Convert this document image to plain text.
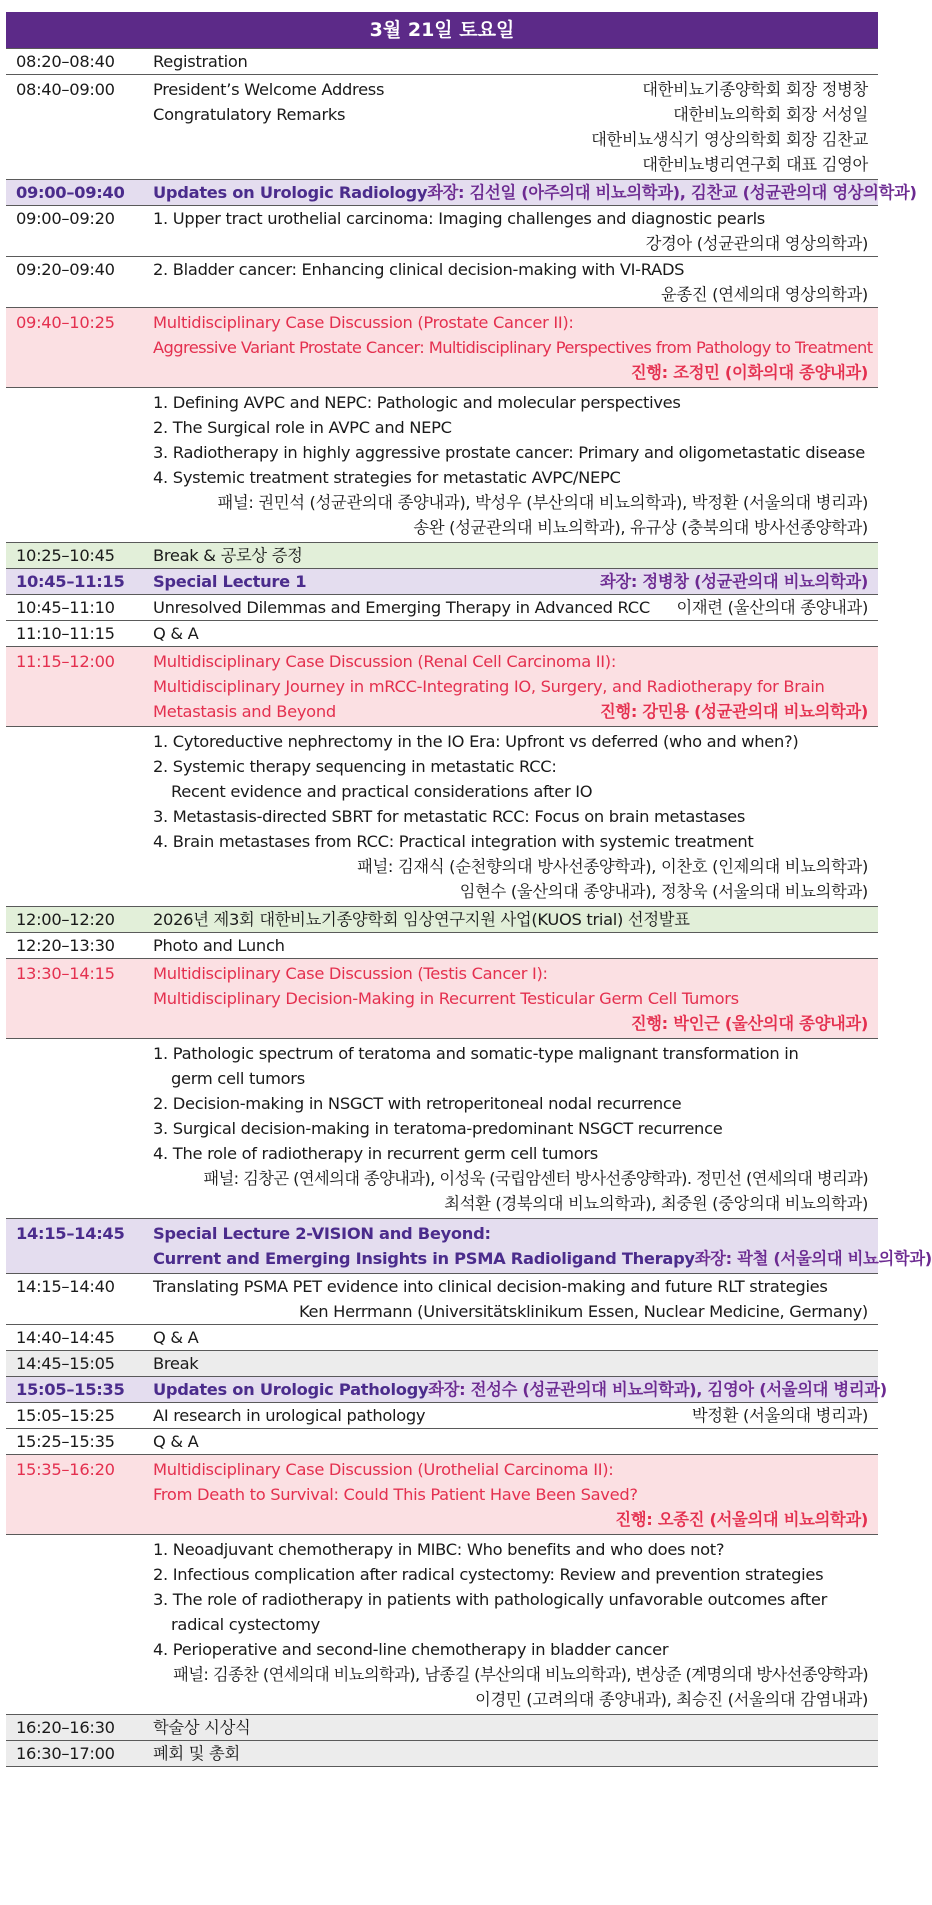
3월 21일 토요일
08:20–08:40	Registration
08:40–09:00	President’s Welcome Address	대한비뇨기종양학회 회장 정병창
Congratulatory Remarks	대한비뇨의학회 회장 서성일
대한비뇨생식기 영상의학회 회장 김찬교
대한비뇨병리연구회 대표 김영아
09:00–09:40	Updates on Urologic Radiology 좌장: 김선일 (아주의대 비뇨의학과), 김찬교 (성균관의대 영상의학과)
09:00–09:20	1. Upper tract urothelial carcinoma: Imaging challenges and diagnostic pearls
강경아 (성균관의대 영상의학과)
09:20–09:40	2. Bladder cancer: Enhancing clinical decision-making with VI-RADS
윤종진 (연세의대 영상의학과)
09:40–10:25	Multidisciplinary Case Discussion (Prostate Cancer II):
Aggressive Variant Prostate Cancer: Multidisciplinary Perspectives from Pathology to Treatment
진행: 조정민 (이화의대 종양내과)
1. Defining AVPC and NEPC: Pathologic and molecular perspectives
2. The Surgical role in AVPC and NEPC
3. Radiotherapy in highly aggressive prostate cancer: Primary and oligometastatic disease
4. Systemic treatment strategies for metastatic AVPC/NEPC
패널: 권민석 (성균관의대 종양내과), 박성우 (부산의대 비뇨의학과), 박정환 (서울의대 병리과)
송완 (성균관의대 비뇨의학과), 유규상 (충북의대 방사선종양학과)
10:25–10:45	Break & 공로상 증정
10:45–11:15	Special Lecture 1	좌장: 정병창 (성균관의대 비뇨의학과)
10:45–11:10	Unresolved Dilemmas and Emerging Therapy in Advanced RCC 이재련 (울산의대 종양내과)
11:10–11:15	Q & A
11:15–12:00	Multidisciplinary Case Discussion (Renal Cell Carcinoma II):
Multidisciplinary Journey in mRCC-Integrating IO, Surgery, and Radiotherapy for Brain
Metastasis and Beyond	진행: 강민용 (성균관의대 비뇨의학과)
1. Cytoreductive nephrectomy in the IO Era: Upfront vs deferred (who and when?)
2. Systemic therapy sequencing in metastatic RCC:
Recent evidence and practical considerations after IO
3. Metastasis-directed SBRT for metastatic RCC: Focus on brain metastases
4. Brain metastases from RCC: Practical integration with systemic treatment
패널: 김재식 (순천향의대 방사선종양학과), 이찬호 (인제의대 비뇨의학과)
임현수 (울산의대 종양내과), 정창욱 (서울의대 비뇨의학과)
12:00–12:20	2026년 제3회 대한비뇨기종양학회 임상연구지원 사업(KUOS trial) 선정발표
12:20–13:30	Photo and Lunch
13:30–14:15	Multidisciplinary Case Discussion (Testis Cancer I):
Multidisciplinary Decision-Making in Recurrent Testicular Germ Cell Tumors
진행: 박인근 (울산의대 종양내과)
1. Pathologic spectrum of teratoma and somatic-type malignant transformation in
germ cell tumors
2. Decision-making in NSGCT with retroperitoneal nodal recurrence
3. Surgical decision-making in teratoma-predominant NSGCT recurrence
4. The role of radiotherapy in recurrent germ cell tumors
패널: 김창곤 (연세의대 종양내과), 이성욱 (국립암센터 방사선종양학과). 정민선 (연세의대 병리과)
최석환 (경북의대 비뇨의학과), 최중원 (중앙의대 비뇨의학과)
14:15–14:45	Special Lecture 2-VISION and Beyond:
Current and Emerging Insights in PSMA Radioligand Therapy 좌장: 곽철 (서울의대 비뇨의학과)
14:15–14:40	Translating PSMA PET evidence into clinical decision-making and future RLT strategies
Ken Herrmann (Universitätsklinikum Essen, Nuclear Medicine, Germany)
14:40–14:45	Q & A
14:45–15:05	Break
15:05–15:35	Updates on Urologic Pathology 좌장: 전성수 (성균관의대 비뇨의학과), 김영아 (서울의대 병리과)
15:05–15:25	AI research in urological pathology	박정환 (서울의대 병리과)
15:25–15:35	Q & A
15:35–16:20	Multidisciplinary Case Discussion (Urothelial Carcinoma II):
From Death to Survival: Could This Patient Have Been Saved?
진행: 오종진 (서울의대 비뇨의학과)
1. Neoadjuvant chemotherapy in MIBC: Who benefits and who does not?
2. Infectious complication after radical cystectomy: Review and prevention strategies
3. The role of radiotherapy in patients with pathologically unfavorable outcomes after
radical cystectomy
4. Perioperative and second-line chemotherapy in bladder cancer
패널: 김종찬 (연세의대 비뇨의학과), 남종길 (부산의대 비뇨의학과), 변상준 (계명의대 방사선종양학과)
이경민 (고려의대 종양내과), 최승진 (서울의대 감염내과)
16:20–16:30	학술상 시상식
16:30–17:00	폐회 및 총회
